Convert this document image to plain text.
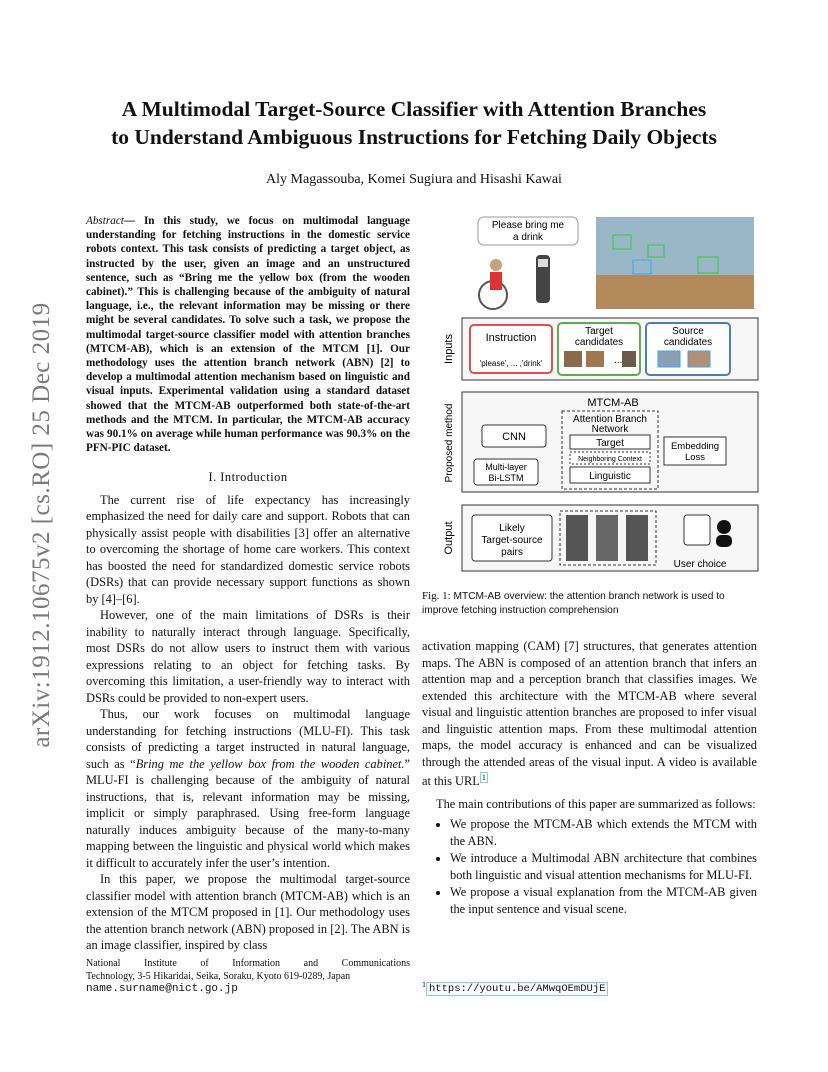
arXiv:1912.10675v2 [cs.RO] 25 Dec 2019
A Multimodal Target-Source Classifier with Attention Branches
to Understand Ambiguous Instructions for Fetching Daily Objects
Aly Magassouba, Komei Sugiura and Hisashi Kawai
Abstract— In this study, we focus on multimodal language understanding for fetching instructions in the domestic service robots context. This task consists of predicting a target object, as instructed by the user, given an image and an unstructured sentence, such as “Bring me the yellow box (from the wooden cabinet).” This is challenging because of the ambiguity of natural language, i.e., the relevant information may be missing or there might be several candidates. To solve such a task, we propose the multimodal target-source classifier model with attention branches (MTCM-AB), which is an extension of the MTCM [1]. Our methodology uses the attention branch network (ABN) [2] to develop a multimodal attention mechanism based on linguistic and visual inputs. Experimental validation using a standard dataset showed that the MTCM-AB outperformed both state-of-the-art methods and the MTCM. In particular, the MTCM-AB accuracy was 90.1% on average while human performance was 90.3% on the PFN-PIC dataset.
I. Introduction

The current rise of life expectancy has increasingly emphasized the need for daily care and support. Robots that can physically assist people with disabilities [3] offer an alternative to overcoming the shortage of home care workers. This context has boosted the need for standardized domestic service robots (DSRs) that can provide necessary support functions as shown by [4]–[6].

However, one of the main limitations of DSRs is their inability to naturally interact through language. Specifically, most DSRs do not allow users to instruct them with various expressions relating to an object for fetching tasks. By overcoming this limitation, a user-friendly way to interact with DSRs could be provided to non-expert users.

Thus, our work focuses on multimodal language understanding for fetching instructions (MLU-FI). This task consists of predicting a target instructed in natural language, such as “Bring me the yellow box from the wooden cabinet.” MLU-FI is challenging because of the ambiguity of natural instructions, that is, relevant information may be missing, implicit or simply paraphrased. Using free-form language naturally induces ambiguity because of the many-to-many mapping between the linguistic and physical world which makes it difficult to accurately infer the user’s intention.

In this paper, we propose the multimodal target-source classifier model with attention branch (MTCM-AB) which is an extension of the MTCM proposed in [1]. Our methodology uses the attention branch network (ABN) proposed in [2]. The ABN is an image classifier, inspired by class

National Institute of Information and Communications
Technology, 3-5 Hikaridai, Seika, Soraku, Kyoto 619-0289, Japan
name.surname@nict.go.jp
Please bring me
a drink
Inputs	Instruction
'please', ... ,'drink'
Target
candidates
...
Source
candidates
Proposed method
MTCM-AB
CNN
Multi-layer
Bi-LSTM
Attention Branch
Network
Target
Neighboring Context
Linguistic
Embedding
Loss
Output	Likely
Target-source
pairs
User choice
Fig. 1: MTCM-AB overview: the attention branch network is used to improve fetching instruction comprehension

activation mapping (CAM) [7] structures, that generates attention maps. The ABN is composed of an attention branch that infers an attention map and a perception branch that classifies images. We extended this architecture with the MTCM-AB where several visual and linguistic attention branches are proposed to infer visual and linguistic attention maps. From these multimodal attention maps, the model accuracy is enhanced and can be visualized through the attended areas of the visual input. A video is available at this URL $^1$

The main contributions of this paper are summarized as follows:

• We propose the MTCM-AB which extends the MTCM with the ABN.
• We introduce a Multimodal ABN architecture that combines both linguistic and visual attention mechanisms for MLU-FI.
• We propose a visual explanation from the MTCM-AB given the input sentence and visual scene.
$^1$ https://youtu.be/AMwqOEmDUjE
